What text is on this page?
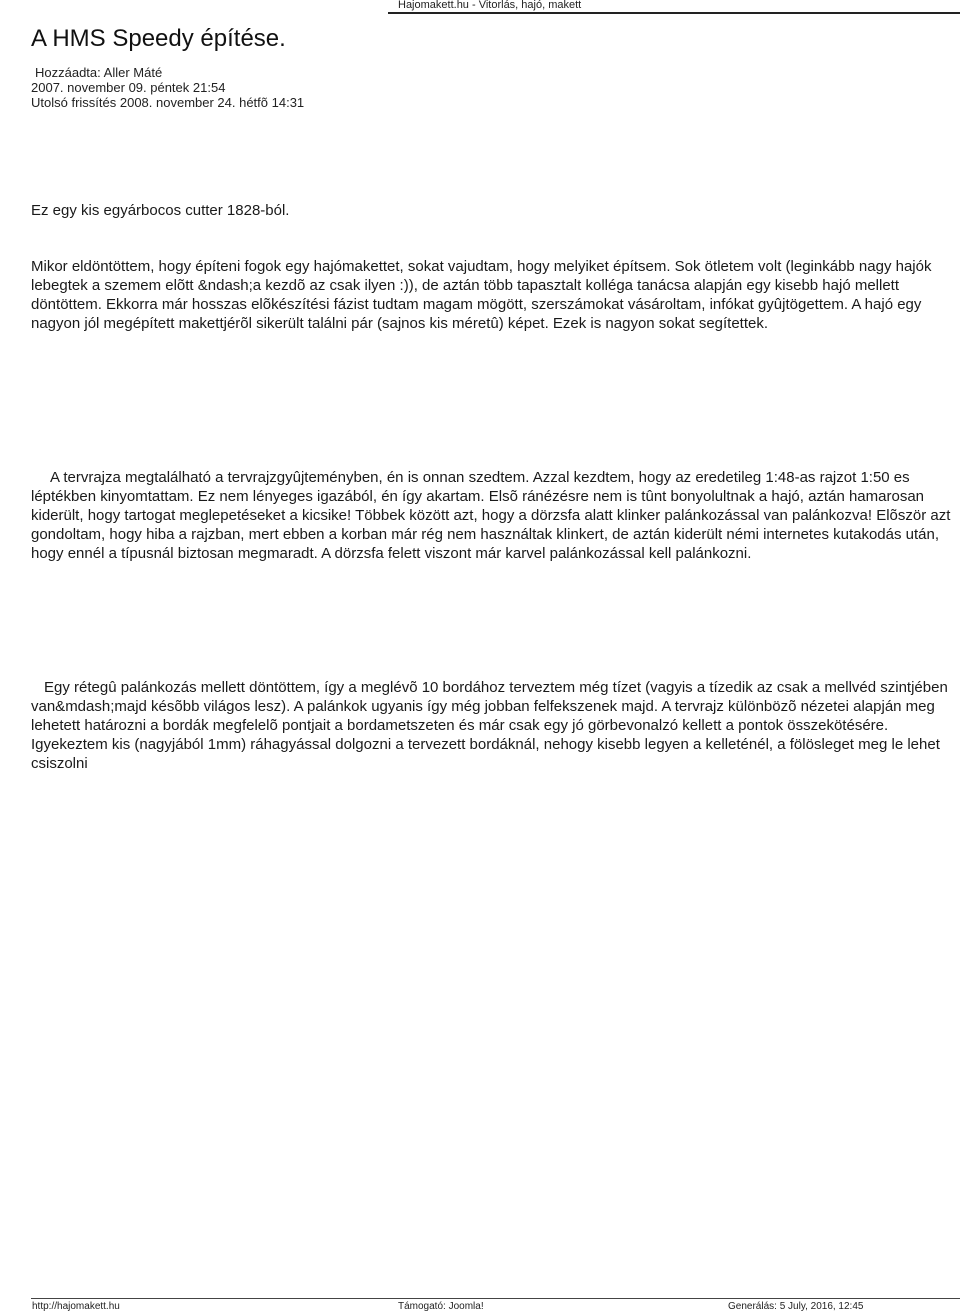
Hajomakett.hu - Vitorlás, hajó, makett
A HMS Speedy építése.
Hozzáadta: Aller Máté
2007. november 09. péntek 21:54
Utolsó frissítés 2008. november 24. hétfõ 14:31

Ez egy kis egyárbocos cutter 1828-ból.

Mikor eldöntöttem, hogy építeni fogok egy hajómakettet, sokat vajudtam, hogy melyiket építsem. Sok ötletem volt (leginkább nagy hajók lebegtek a szemem elõtt &ndash;a kezdõ az csak ilyen :)), de aztán több tapasztalt kolléga tanácsa alapján egy kisebb hajó mellett döntöttem. Ekkorra már hosszas elõkészítési fázist tudtam magam mögött, szerszámokat vásároltam, infókat gyûjtögettem. A hajó egy nagyon jól megépített makettjérõl sikerült találni pár (sajnos kis méretû) képet. Ezek is nagyon sokat segítettek.

A tervrajza megtalálható a tervrajzgyûjteményben, én is onnan szedtem. Azzal kezdtem, hogy az eredetileg 1:48-as rajzot 1:50 es léptékben kinyomtattam. Ez nem lényeges igazából, én így akartam. Elsõ ránézésre nem is tûnt bonyolultnak a hajó, aztán hamarosan kiderült, hogy tartogat meglepetéseket a kicsike! Többek között azt, hogy a dörzsfa alatt klinker palánkozással van palánkozva! Elõször azt gondoltam, hogy hiba a rajzban, mert ebben a korban már rég nem használtak klinkert, de aztán kiderült némi internetes kutakodás után, hogy ennél a típusnál biztosan megmaradt. A dörzsfa felett viszont már karvel palánkozással kell palánkozni.

Egy rétegû palánkozás mellett döntöttem, így a meglévõ 10 bordához terveztem még tízet (vagyis a tízedik az csak a mellvéd szintjében van&mdash;majd késõbb világos lesz). A palánkok ugyanis így még jobban felfekszenek majd. A tervrajz különbözõ nézetei alapján meg lehetett határozni a bordák megfelelõ pontjait a bordametszeten és már csak egy jó görbevonalzó kellett a pontok összekötésére. Igyekeztem kis (nagyjából 1mm) ráhagyással dolgozni a tervezett bordáknál, nehogy kisebb legyen a kelleténél, a fölösleget meg le lehet csiszolni

http://hajomakett.hu	Támogató: Joomla!	Generálás: 5 July, 2016, 12:45
